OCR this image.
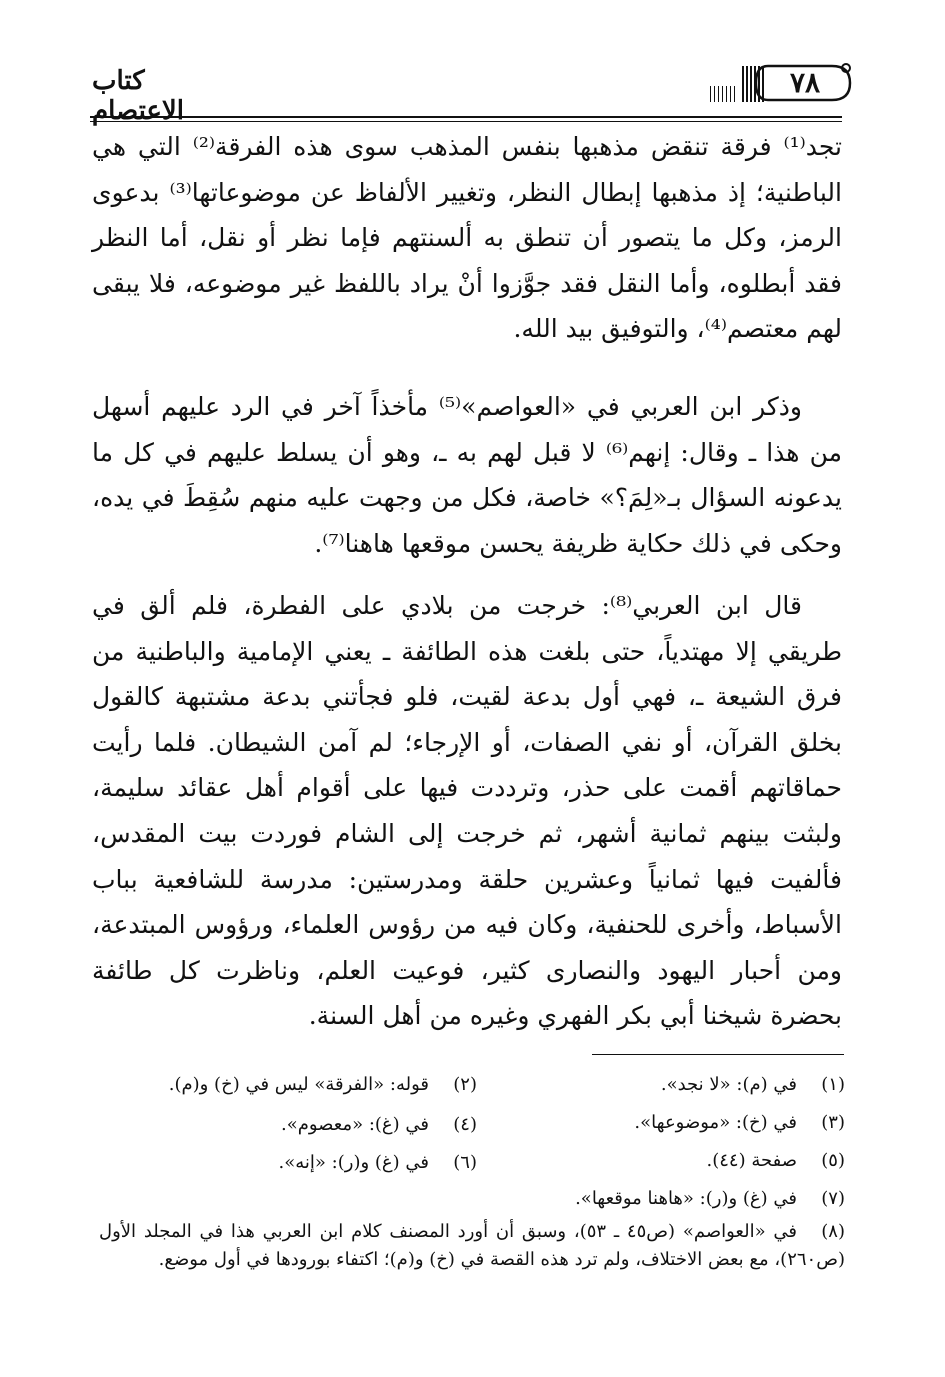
كتاب الاعتصام
٧٨

تجد⁽¹⁾ فرقة تنقض مذهبها بنفس المذهب سوى هذه الفرقة⁽²⁾ التي هي الباطنية؛ إذ مذهبها إبطال النظر، وتغيير الألفاظ عن موضوعاتها⁽³⁾ بدعوى الرمز، وكل ما يتصور أن تنطق به ألسنتهم فإما نظر أو نقل، أما النظر فقد أبطلوه، وأما النقل فقد جوَّزوا أنْ يراد باللفظ غير موضوعه، فلا يبقى لهم معتصم⁽⁴⁾، والتوفيق بيد الله.

وذكر ابن العربي في «العواصم»⁽⁵⁾ مأخذاً آخر في الرد عليهم أسهل من هذا ـ وقال: إنهم⁽⁶⁾ لا قبل لهم به ـ، وهو أن يسلط عليهم في كل ما يدعونه السؤال بـ«لِمَ؟» خاصة، فكل من وجهت عليه منهم سُقِطَ في يده، وحكى في ذلك حكاية ظريفة يحسن موقعها هاهنا⁽⁷⁾.

قال ابن العربي⁽⁸⁾: خرجت من بلادي على الفطرة، فلم ألق في طريقي إلا مهتدياً، حتى بلغت هذه الطائفة ـ يعني الإمامية والباطنية من فرق الشيعة ـ، فهي أول بدعة لقيت، فلو فجأتني بدعة مشتبهة كالقول بخلق القرآن، أو نفي الصفات، أو الإرجاء؛ لم آمن الشيطان. فلما رأيت حماقاتهم أقمت على حذر، وترددت فيها على أقوام أهل عقائد سليمة، ولبثت بينهم ثمانية أشهر، ثم خرجت إلى الشام فوردت بيت المقدس، فألفيت فيها ثمانياً وعشرين حلقة ومدرستين: مدرسة للشافعية بباب الأسباط، وأخرى للحنفية، وكان فيه من رؤوس العلماء، ورؤوس المبتدعة، ومن أحبار اليهود والنصارى كثير، فوعيت العلم، وناظرت كل طائفة بحضرة شيخنا أبي بكر الفهري وغيره من أهل السنة.

(١)في (م): «لا نجد».
(٢)قوله: «الفرقة» ليس في (خ) و(م).
(٣)في (خ): «موضوعها».
(٤)في (غ): «معصوم».
(٥)صفحة (٤٤).
(٦)في (غ) و(ر): «إنه».
(٧)في (غ) و(ر): «هاهنا موقعها».
(٨)في «العواصم» (ص٤٥ ـ ٥٣)، وسبق أن أورد المصنف كلام ابن العربي هذا في المجلد الأول (ص٢٦٠)، مع بعض الاختلاف، ولم ترد هذه القصة في (خ) و(م)؛ اكتفاء بورودها في أول موضع.
